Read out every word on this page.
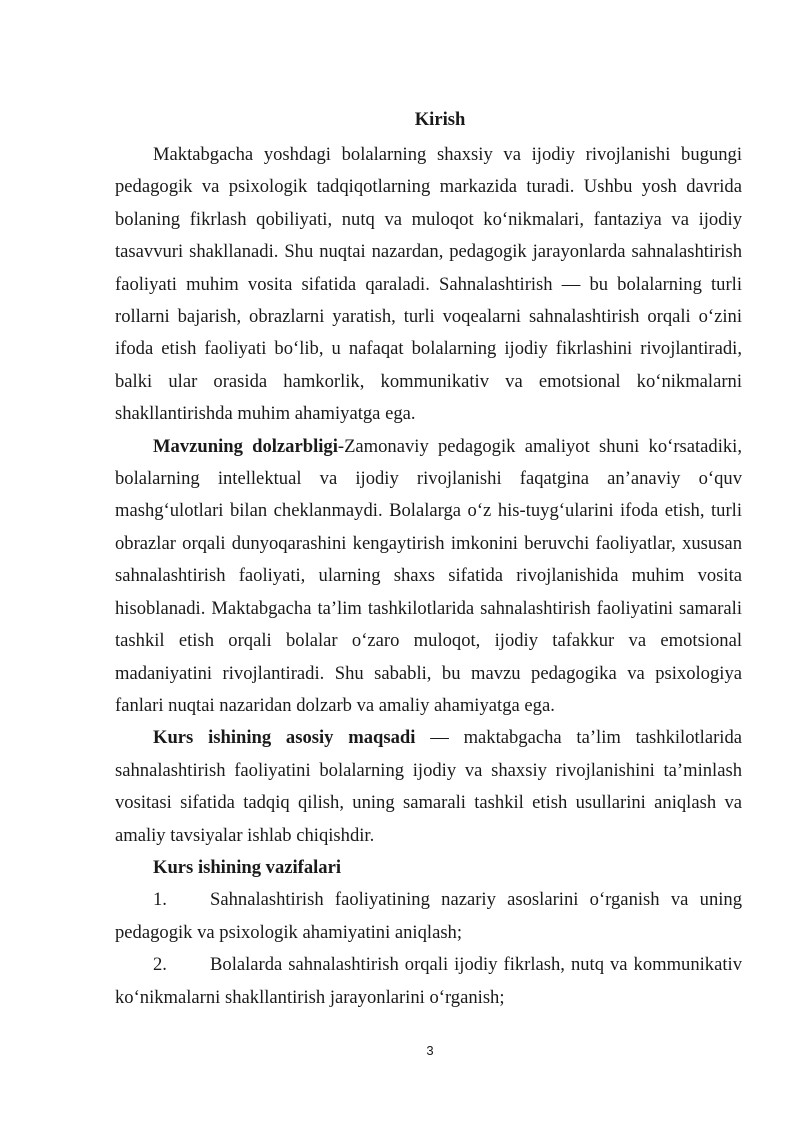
Kirish

Maktabgacha yoshdagi bolalarning shaxsiy va ijodiy rivojlanishi bugungi pedagogik va psixologik tadqiqotlarning markazida turadi. Ushbu yosh davrida bolaning fikrlash qobiliyati, nutq va muloqot ko‘nikmalari, fantaziya va ijodiy tasavvuri shakllanadi. Shu nuqtai nazardan, pedagogik jarayonlarda sahnalashtirish faoliyati muhim vosita sifatida qaraladi. Sahnalashtirish — bu bolalarning turli rollarni bajarish, obrazlarni yaratish, turli voqealarni sahnalashtirish orqali o‘zini ifoda etish faoliyati bo‘lib, u nafaqat bolalarning ijodiy fikrlashini rivojlantiradi, balki ular orasida hamkorlik, kommunikativ va emotsional ko‘nikmalarni shakllantirishda muhim ahamiyatga ega.

Mavzuning dolzarbligi-Zamonaviy pedagogik amaliyot shuni ko‘rsatadiki, bolalarning intellektual va ijodiy rivojlanishi faqatgina an’anaviy o‘quv mashg‘ulotlari bilan cheklanmaydi. Bolalarga o‘z his-tuyg‘ularini ifoda etish, turli obrazlar orqali dunyoqarashini kengaytirish imkonini beruvchi faoliyatlar, xususan sahnalashtirish faoliyati, ularning shaxs sifatida rivojlanishida muhim vosita hisoblanadi. Maktabgacha ta’lim tashkilotlarida sahnalashtirish faoliyatini samarali tashkil etish orqali bolalar o‘zaro muloqot, ijodiy tafakkur va emotsional madaniyatini rivojlantiradi. Shu sababli, bu mavzu pedagogika va psixologiya fanlari nuqtai nazaridan dolzarb va amaliy ahamiyatga ega.

Kurs ishining asosiy maqsadi — maktabgacha ta’lim tashkilotlarida sahnalashtirish faoliyatini bolalarning ijodiy va shaxsiy rivojlanishini ta’minlash vositasi sifatida tadqiq qilish, uning samarali tashkil etish usullarini aniqlash va amaliy tavsiyalar ishlab chiqishdir.

Kurs ishining vazifalari

1. Sahnalashtirish faoliyatining nazariy asoslarini o‘rganish va uning pedagogik va psixologik ahamiyatini aniqlash;

2. Bolalarda sahnalashtirish orqali ijodiy fikrlash, nutq va kommunikativ ko‘nikmalarni shakllantirish jarayonlarini o‘rganish;

3
